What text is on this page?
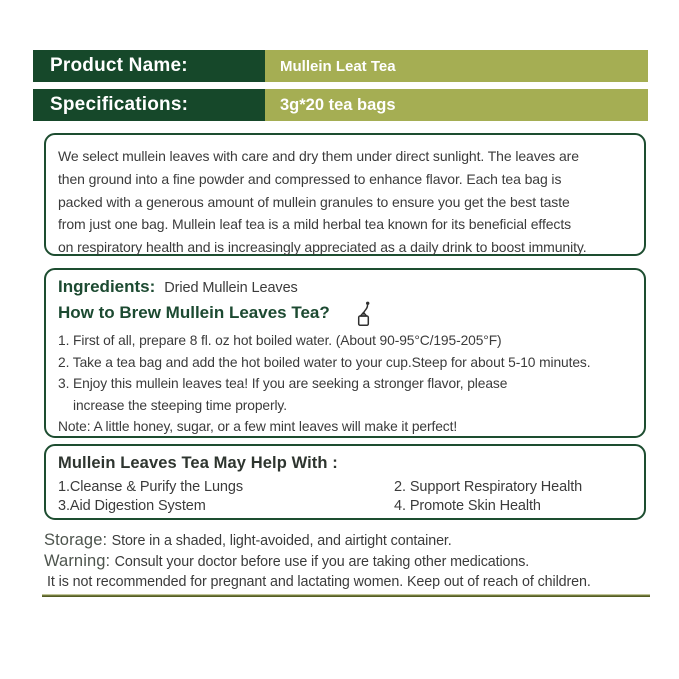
Product Name:	Mullein Leat Tea
Specifications:	3g*20 tea bags
We select mullein leaves with care and dry them under direct sunlight. The leaves are
then ground into a fine powder and compressed to enhance flavor. Each tea bag is
packed with a generous amount of mullein granules to ensure you get the best taste
from just one bag. Mullein leaf tea is a mild herbal tea known for its beneficial effects
on respiratory health and is increasingly appreciated as a daily drink to boost immunity.
Ingredients: Dried Mullein Leaves
How to Brew Mullein Leaves Tea?
1. First of all, prepare 8 fl. oz hot boiled water. (About 90-95°C/195-205°F)
2. Take a tea bag and add the hot boiled water to your cup.Steep for about 5-10 minutes.
3. Enjoy this mullein leaves tea! If you are seeking a stronger flavor, please
increase the steeping time properly.
Note: A little honey, sugar, or a few mint leaves will make it perfect!
Mullein Leaves Tea May Help With :
1.Cleanse & Purify the Lungs	2. Support Respiratory Health
3.Aid Digestion System	4. Promote Skin Health
Storage: Store in a shaded, light-avoided, and airtight container.
Warning: Consult your doctor before use if you are taking other medications.
It is not recommended for pregnant and lactating women. Keep out of reach of children.
